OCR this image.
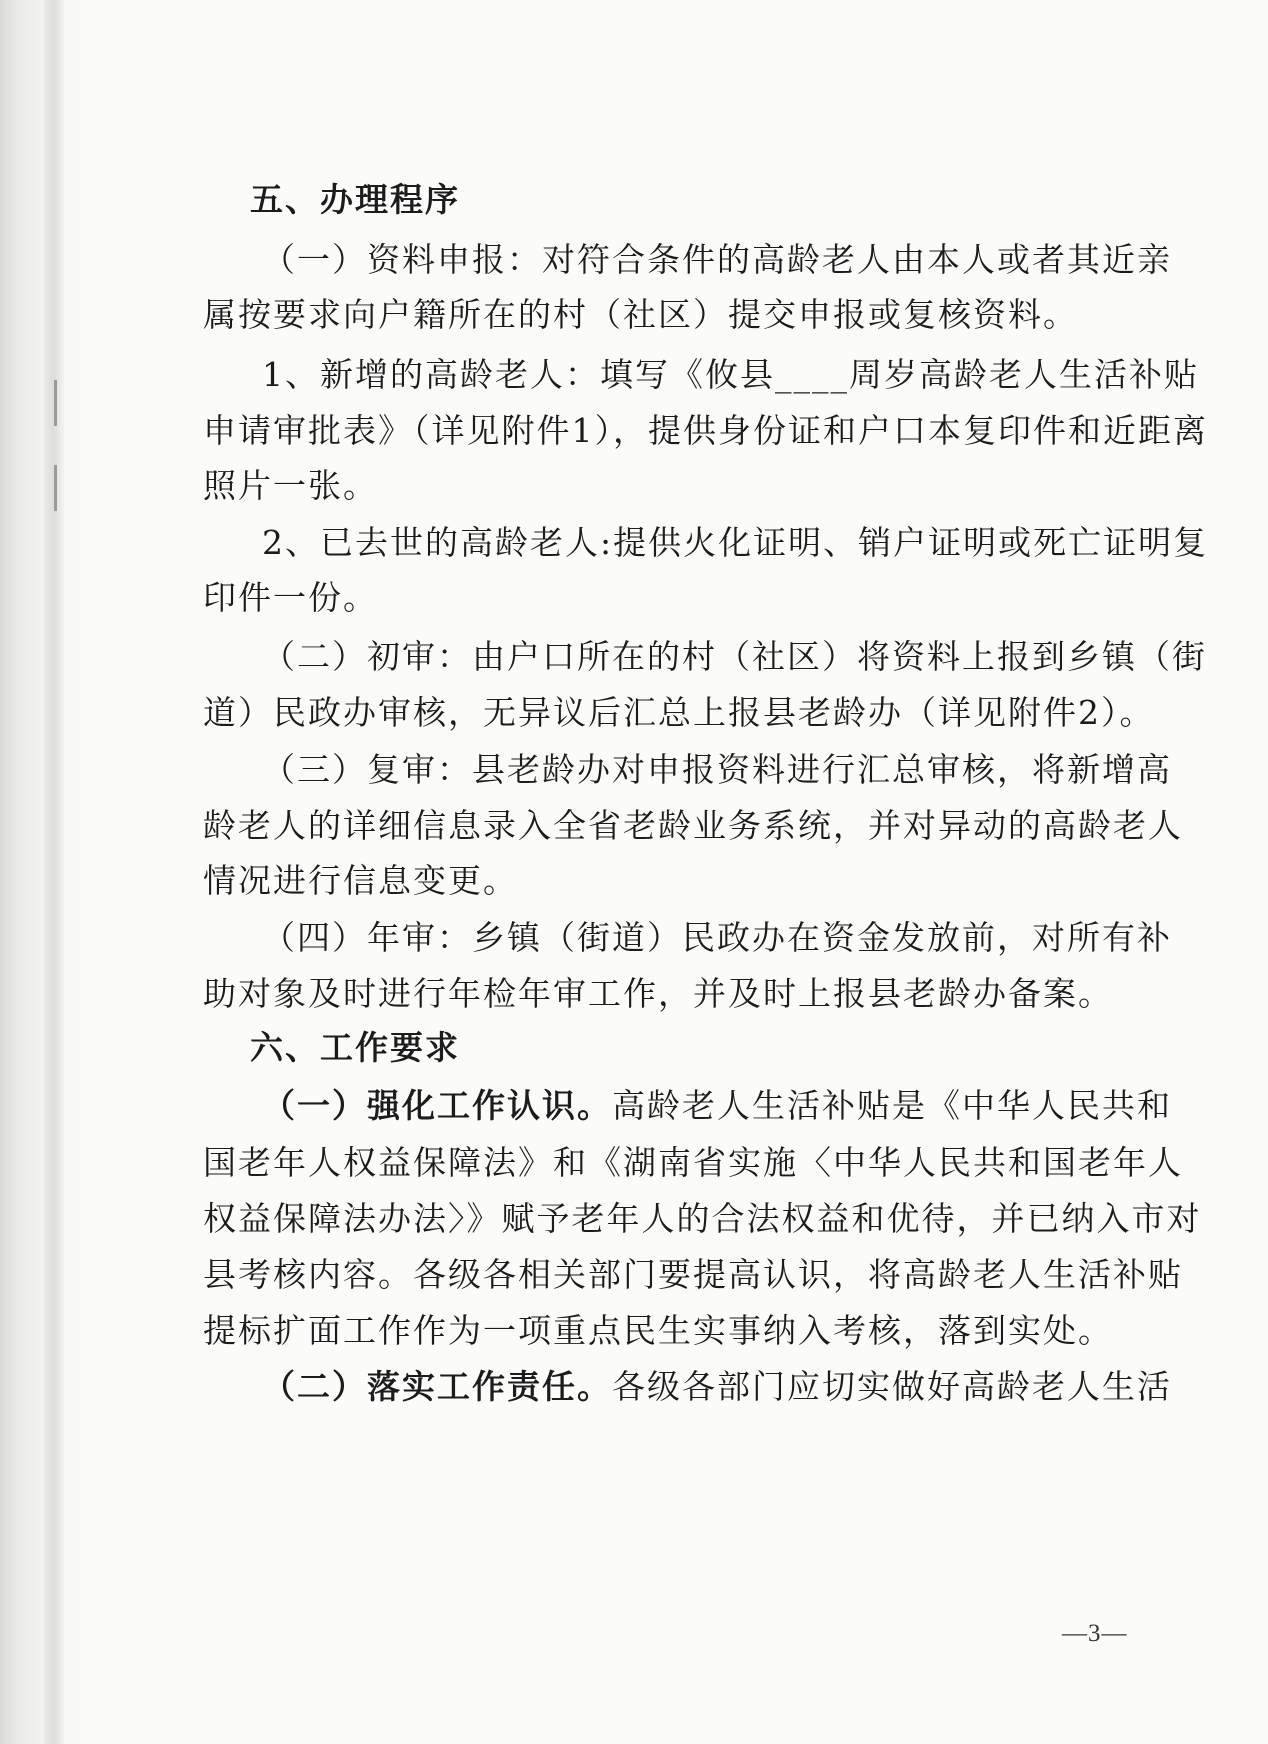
五、办理程序
（一）资料申报：对符合条件的高龄老人由本人或者其近亲
属按要求向户籍所在的村（社区）提交申报或复核资料。
1、新增的高龄老人：填写《攸县____周岁高龄老人生活补贴
申请审批表》（详见附件1），提供身份证和户口本复印件和近距离
照片一张。
2、已去世的高龄老人:提供火化证明、销户证明或死亡证明复
印件一份。
（二）初审：由户口所在的村（社区）将资料上报到乡镇（街
道）民政办审核，无异议后汇总上报县老龄办（详见附件2）。
（三）复审：县老龄办对申报资料进行汇总审核，将新增高
龄老人的详细信息录入全省老龄业务系统，并对异动的高龄老人
情况进行信息变更。
（四）年审：乡镇（街道）民政办在资金发放前，对所有补
助对象及时进行年检年审工作，并及时上报县老龄办备案。
六、工作要求
（一）强化工作认识。高龄老人生活补贴是《中华人民共和
国老年人权益保障法》和《湖南省实施〈中华人民共和国老年人
权益保障法办法〉》赋予老年人的合法权益和优待，并已纳入市对
县考核内容。各级各相关部门要提高认识，将高龄老人生活补贴
提标扩面工作作为一项重点民生实事纳入考核，落到实处。
（二）落实工作责任。各级各部门应切实做好高龄老人生活
—3—
